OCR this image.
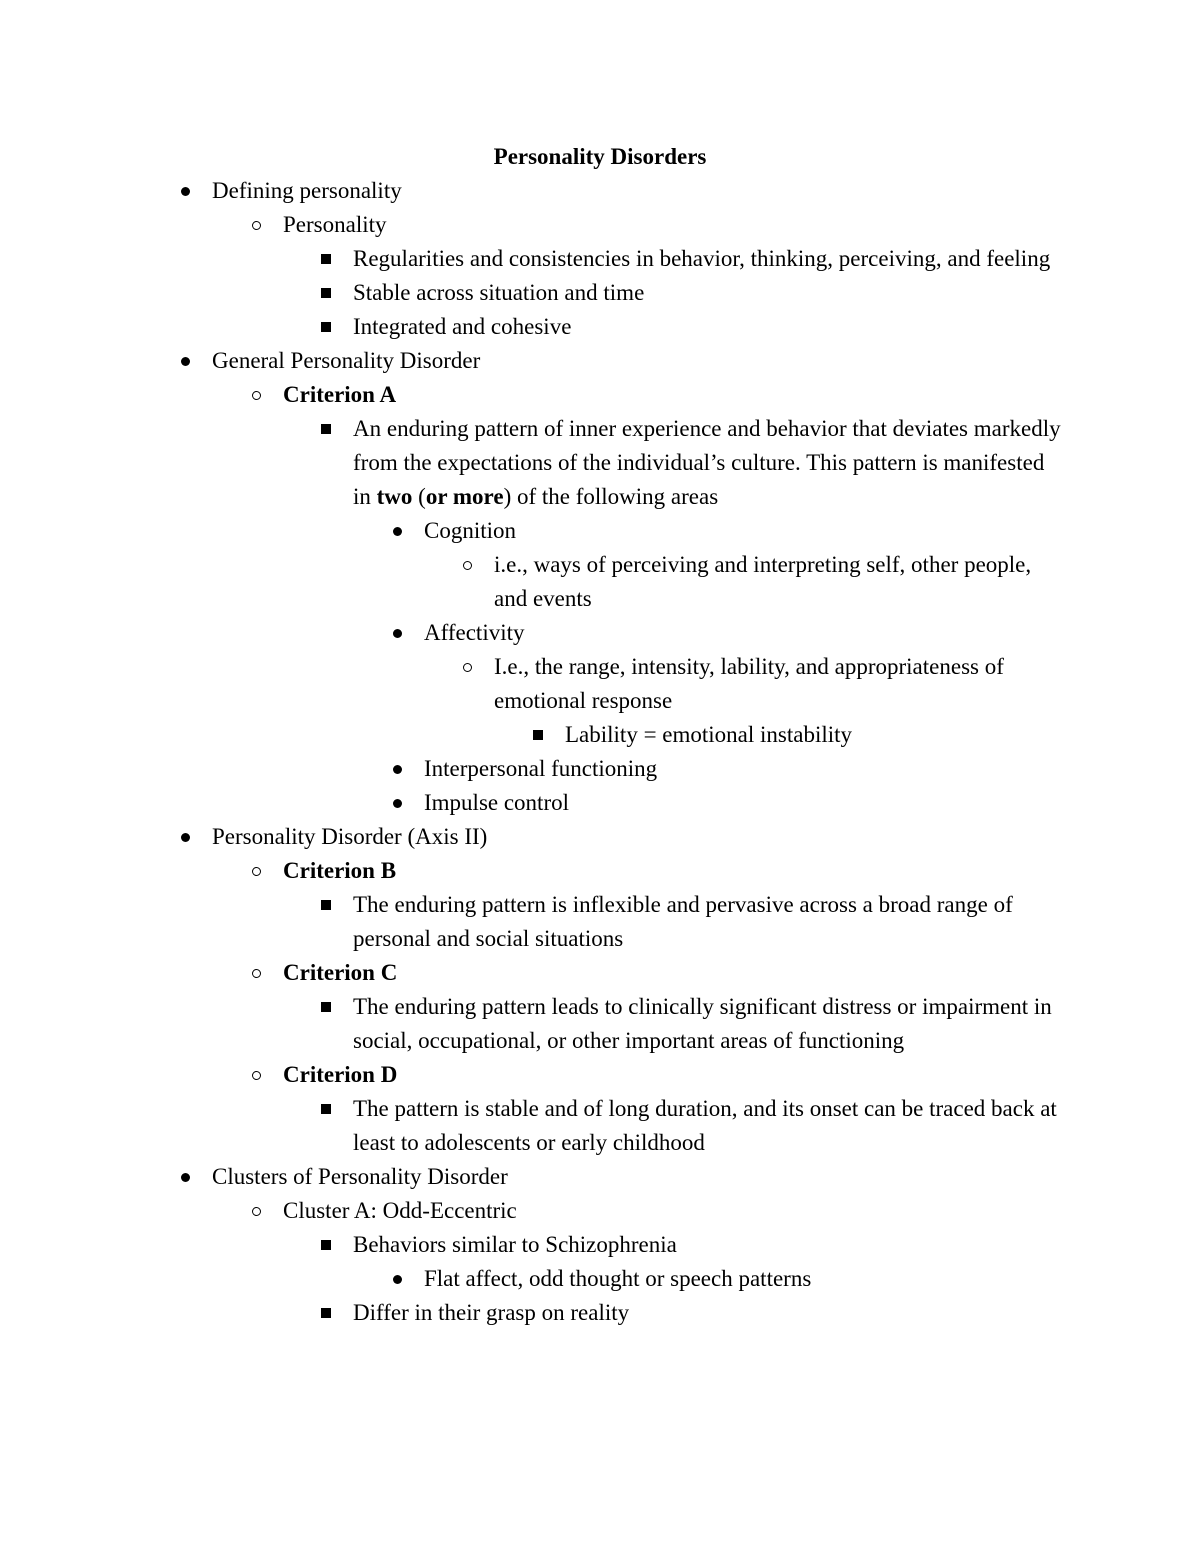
Personality Disorders
Defining personality
Personality
Regularities and consistencies in behavior, thinking, perceiving, and feeling
Stable across situation and time
Integrated and cohesive
General Personality Disorder
Criterion A
An enduring pattern of inner experience and behavior that deviates markedly from the expectations of the individual’s culture. This pattern is manifested in two (or more) of the following areas
Cognition
i.e., ways of perceiving and interpreting self, other people, and events
Affectivity
I.e., the range, intensity, lability, and appropriateness of emotional response
Lability = emotional instability
Interpersonal functioning
Impulse control
Personality Disorder (Axis II)
Criterion B
The enduring pattern is inflexible and pervasive across a broad range of personal and social situations
Criterion C
The enduring pattern leads to clinically significant distress or impairment in social, occupational, or other important areas of functioning
Criterion D
The pattern is stable and of long duration, and its onset can be traced back at least to adolescents or early childhood
Clusters of Personality Disorder
Cluster A: Odd-Eccentric
Behaviors similar to Schizophrenia
Flat affect, odd thought or speech patterns
Differ in their grasp on reality
